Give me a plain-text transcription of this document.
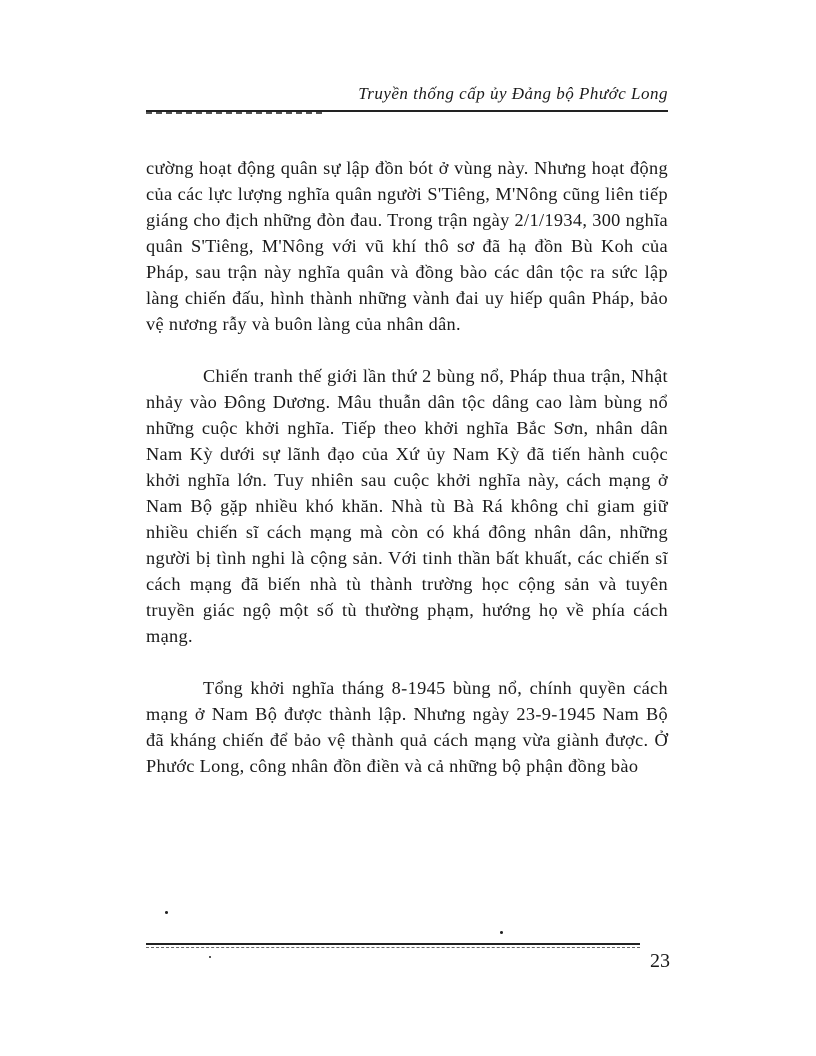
Truyền thống cấp ủy Đảng bộ Phước Long

cường hoạt động quân sự lập đồn bót ở vùng này. Nhưng hoạt động của các lực lượng nghĩa quân người S'Tiêng, M'Nông cũng liên tiếp giáng cho địch những đòn đau. Trong trận ngày 2/1/1934, 300 nghĩa quân S'Tiêng, M'Nông với vũ khí thô sơ đã hạ đồn Bù Koh của Pháp, sau trận này nghĩa quân và đồng bào các dân tộc ra sức lập làng chiến đấu, hình thành những vành đai uy hiếp quân Pháp, bảo vệ nương rẫy và buôn làng của nhân dân.

Chiến tranh thế giới lần thứ 2 bùng nổ, Pháp thua trận, Nhật nhảy vào Đông Dương. Mâu thuẫn dân tộc dâng cao làm bùng nổ những cuộc khởi nghĩa. Tiếp theo khởi nghĩa Bắc Sơn, nhân dân Nam Kỳ dưới sự lãnh đạo của Xứ ủy Nam Kỳ đã tiến hành cuộc khởi nghĩa lớn. Tuy nhiên sau cuộc khởi nghĩa này, cách mạng ở Nam Bộ gặp nhiều khó khăn. Nhà tù Bà Rá không chỉ giam giữ nhiều chiến sĩ cách mạng mà còn có khá đông nhân dân, những người bị tình nghi là cộng sản. Với tinh thần bất khuất, các chiến sĩ cách mạng đã biến nhà tù thành trường học cộng sản và tuyên truyền giác ngộ một số tù thường phạm, hướng họ về phía cách mạng.

Tổng khởi nghĩa tháng 8-1945 bùng nổ, chính quyền cách mạng ở Nam Bộ được thành lập. Nhưng ngày 23-9-1945 Nam Bộ đã kháng chiến để bảo vệ thành quả cách mạng vừa giành được. Ở Phước Long, công nhân đồn điền và cả những bộ phận đồng bào

23
